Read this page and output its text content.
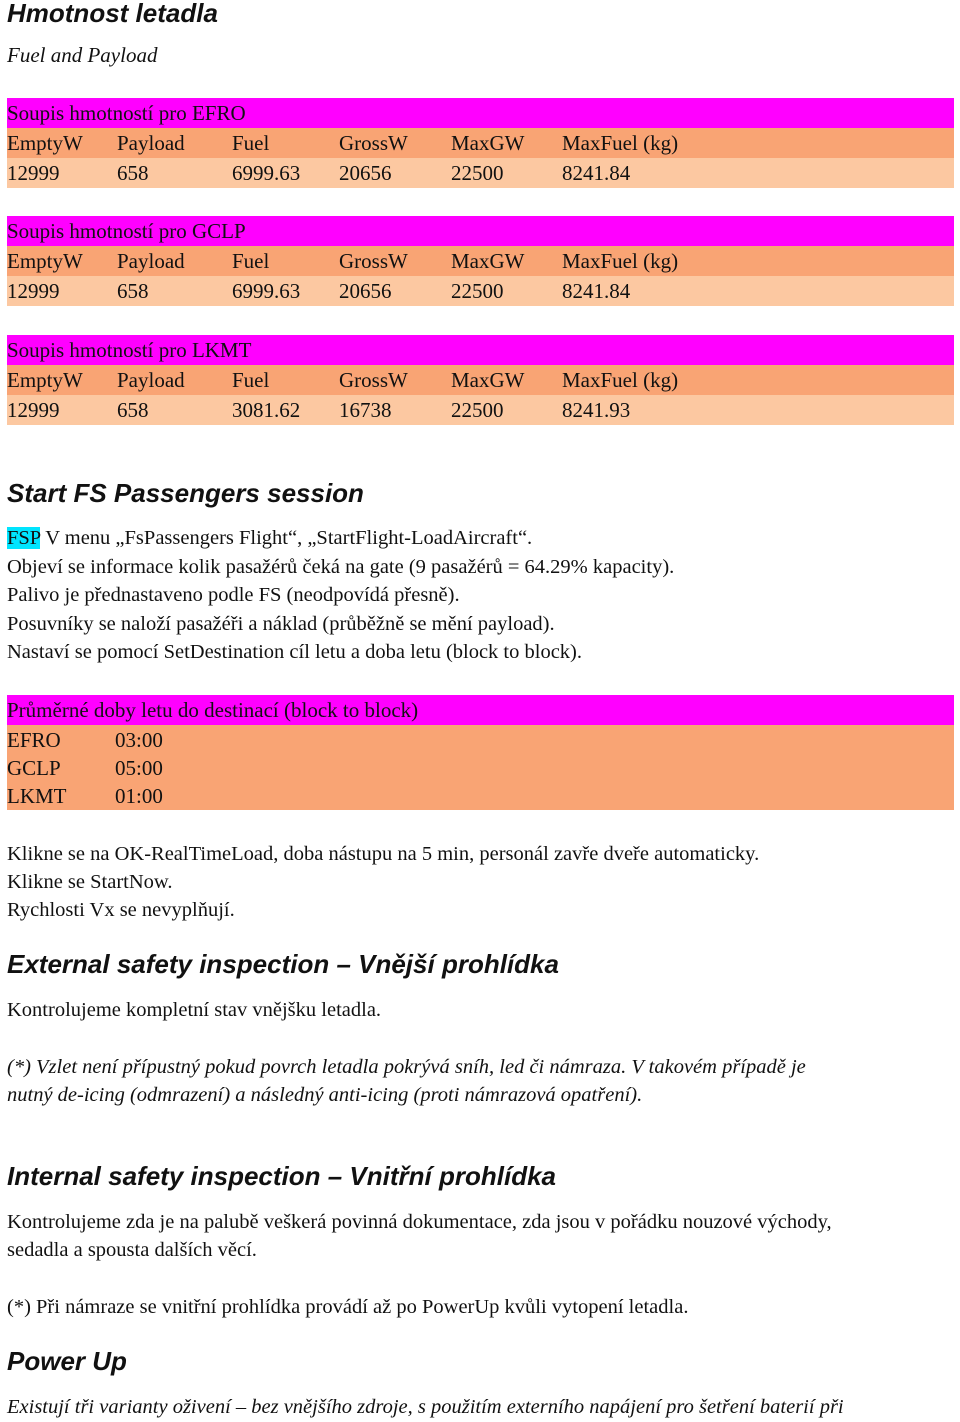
Hmotnost letadla
Fuel and Payload
Soupis hmotností pro EFRO
EmptyW	Payload	Fuel	GrossW	MaxGW	MaxFuel (kg)
12999	658	6999.63	20656	22500	8241.84
Soupis hmotností pro GCLP
EmptyW	Payload	Fuel	GrossW	MaxGW	MaxFuel (kg)
12999	658	6999.63	20656	22500	8241.84
Soupis hmotností pro LKMT
EmptyW	Payload	Fuel	GrossW	MaxGW	MaxFuel (kg)
12999	658	3081.62	16738	22500	8241.93
Start FS Passengers session
FSP V menu „FsPassengers Flight“, „StartFlight-LoadAircraft“.
Objeví se informace kolik pasažérů čeká na gate (9 pasažérů = 64.29% kapacity).
Palivo je přednastaveno podle FS (neodpovídá přesně).
Posuvníky se naloží pasažéři a náklad (průběžně se mění payload).
Nastaví se pomocí SetDestination cíl letu a doba letu (block to block).
Průměrné doby letu do destinací (block to block)
EFRO	03:00
GCLP	05:00
LKMT 01:00
Klikne se na OK-RealTimeLoad, doba nástupu na 5 min, personál zavře dveře automaticky.
Klikne se StartNow.
Rychlosti Vx se nevyplňují.
External safety inspection – Vnější prohlídka
Kontrolujeme kompletní stav vnějšku letadla.
(*) Vzlet není přípustný pokud povrch letadla pokrývá sníh, led či námraza. V takovém případě je
nutný de-icing (odmrazení) a následný anti-icing (proti námrazová opatření).
Internal safety inspection – Vnitřní prohlídka
Kontrolujeme zda je na palubě veškerá povinná dokumentace, zda jsou v pořádku nouzové východy,
sedadla a spousta dalších věcí.
(*) Při námraze se vnitřní prohlídka provádí až po PowerUp kvůli vytopení letadla.
Power Up
Existují tři varianty oživení – bez vnějšího zdroje, s použitím externího napájení pro šetření baterií při
